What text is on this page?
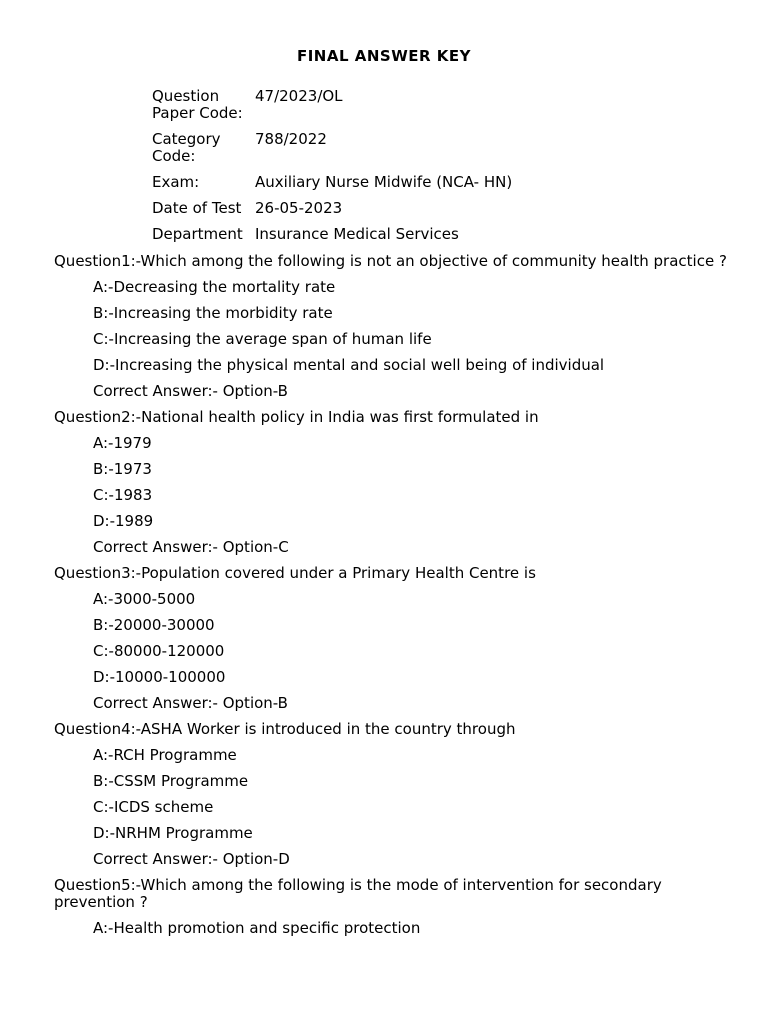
FINAL ANSWER KEY
Question Paper Code:	47/2023/OL
Category Code:	788/2022
Exam:	Auxiliary Nurse Midwife (NCA- HN)
Date of Test	26-05-2023
Department	Insurance Medical Services
Question1:-Which among the following is not an objective of community health practice ?
A:-Decreasing the mortality rate
B:-Increasing the morbidity rate
C:-Increasing the average span of human life
D:-Increasing the physical mental and social well being of individual
Correct Answer:- Option-B
Question2:-National health policy in India was first formulated in
A:-1979
B:-1973
C:-1983
D:-1989
Correct Answer:- Option-C
Question3:-Population covered under a Primary Health Centre is
A:-3000-5000
B:-20000-30000
C:-80000-120000
D:-10000-100000
Correct Answer:- Option-B
Question4:-ASHA Worker is introduced in the country through
A:-RCH Programme
B:-CSSM Programme
C:-ICDS scheme
D:-NRHM Programme
Correct Answer:- Option-D
Question5:-Which among the following is the mode of intervention for secondary prevention ?
A:-Health promotion and specific protection
